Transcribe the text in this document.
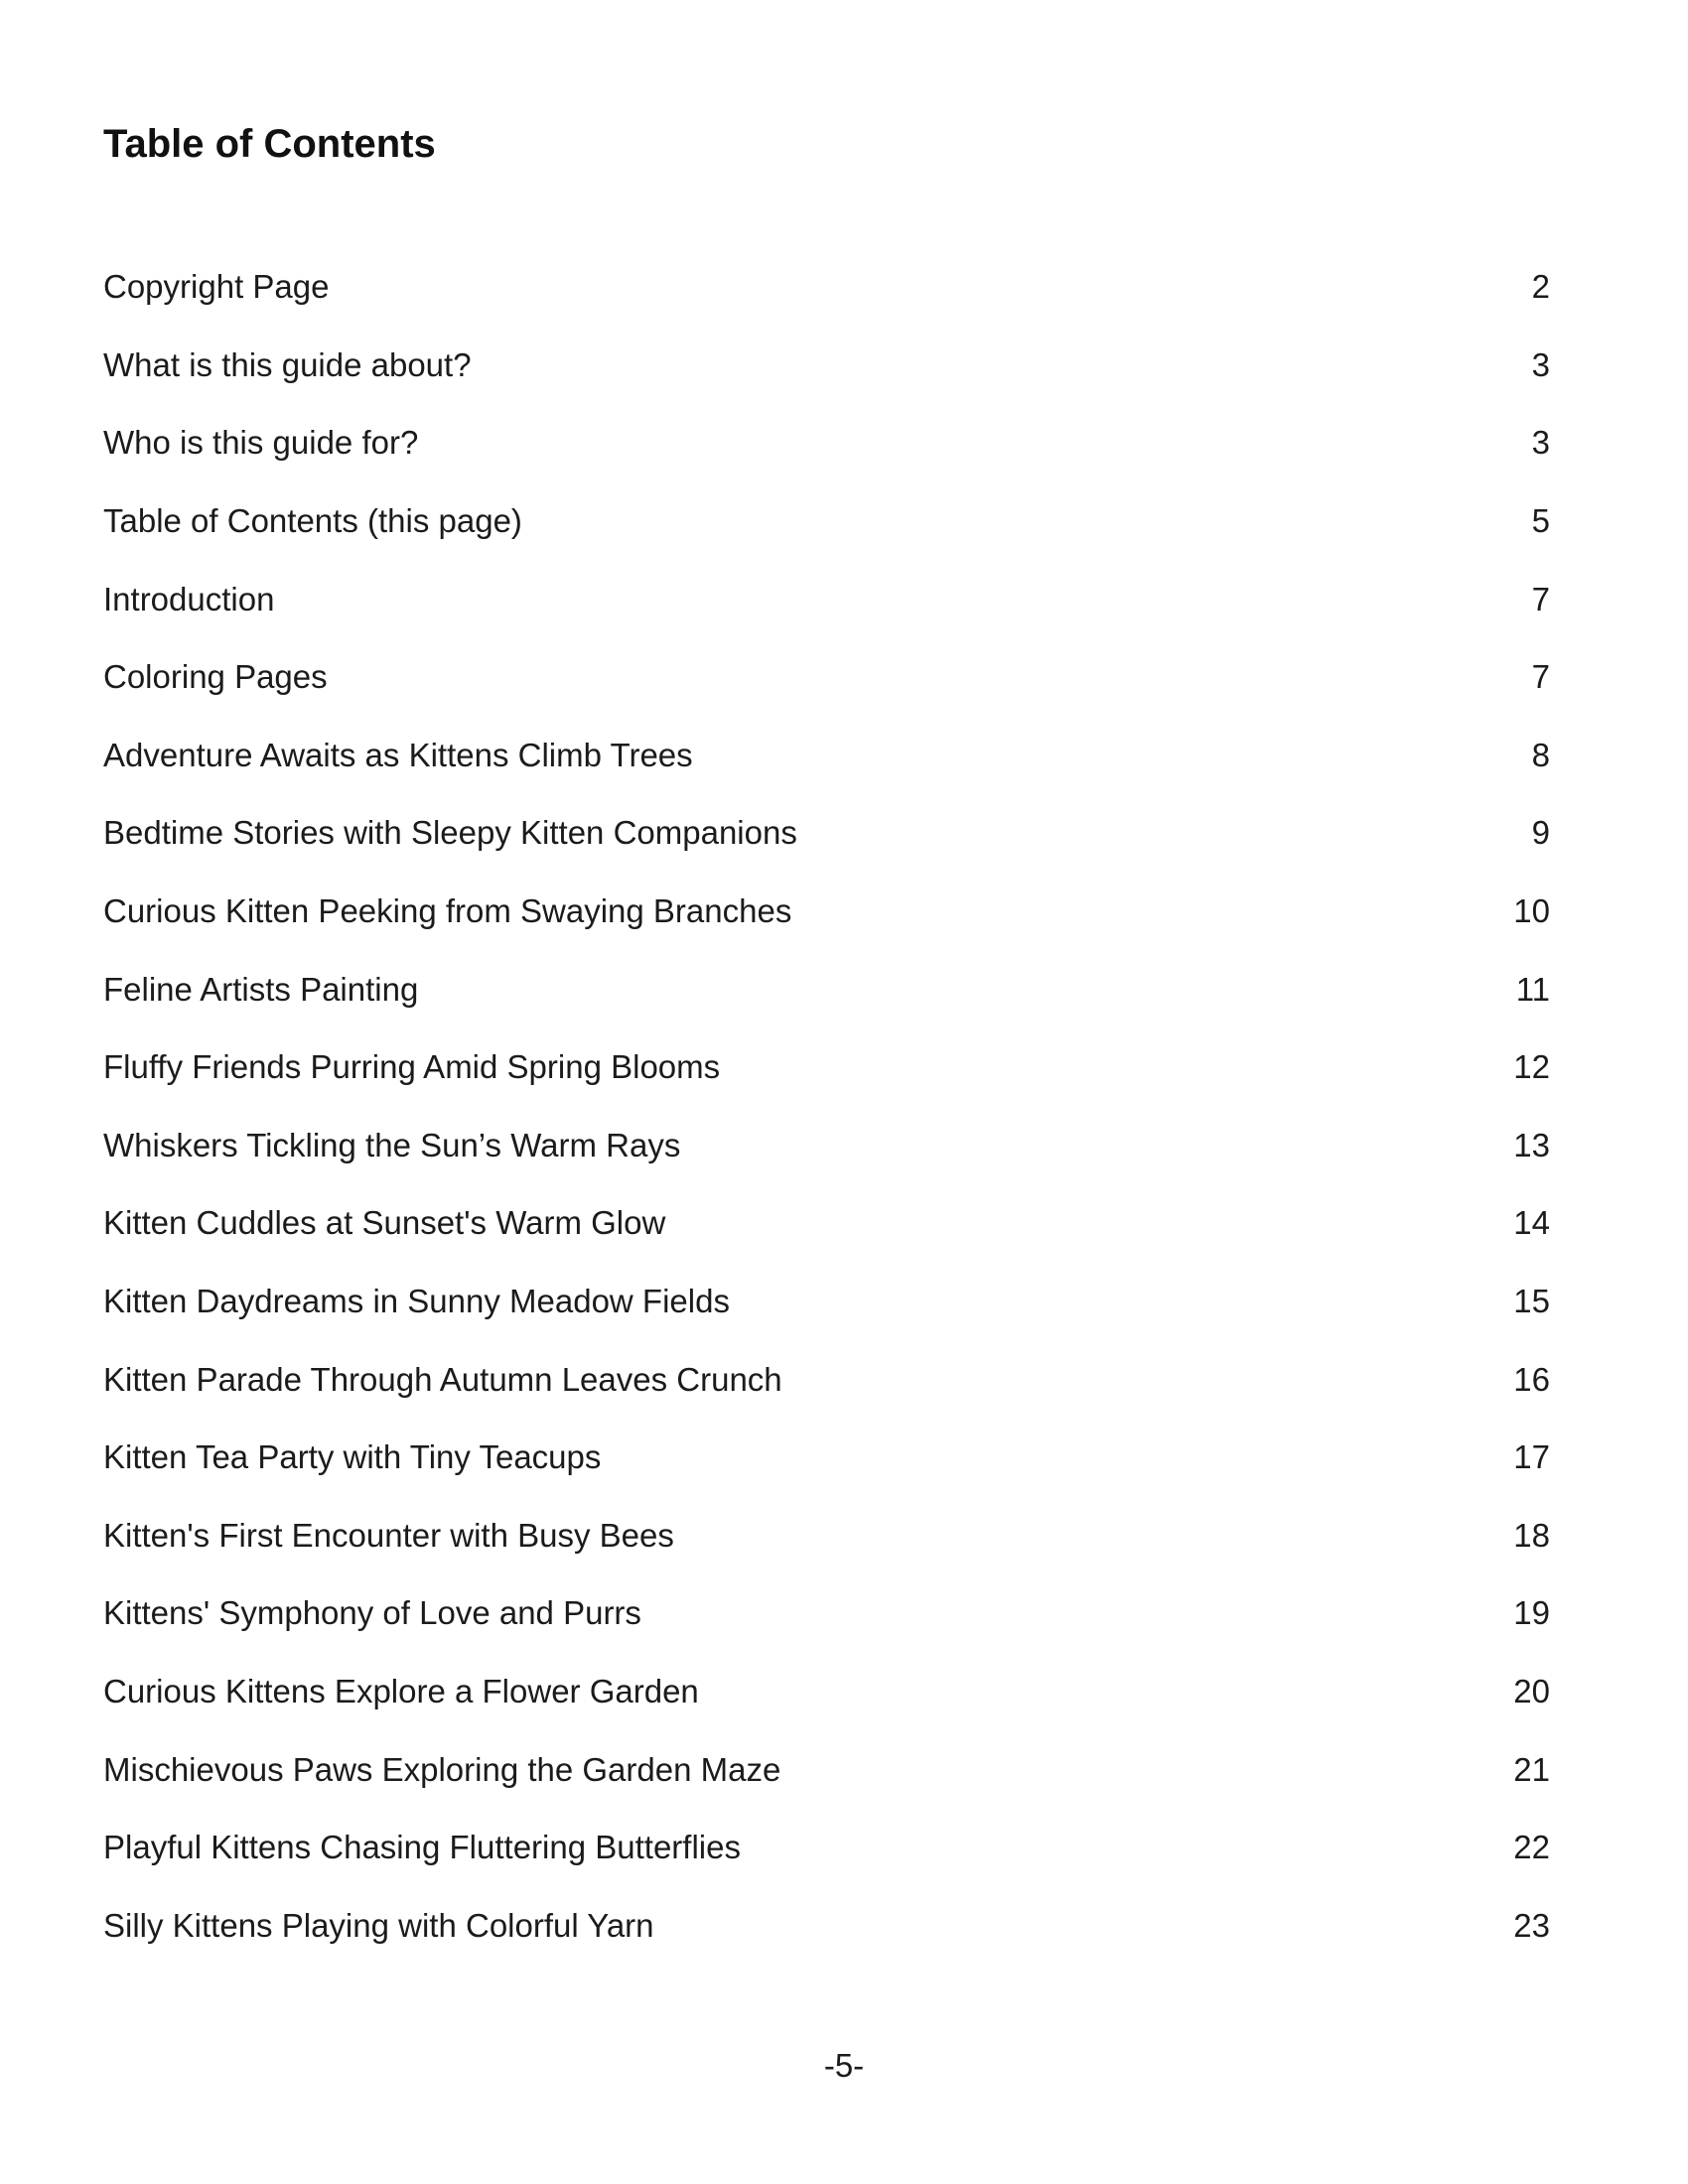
Table of Contents
Copyright Page	2
What is this guide about?	3
Who is this guide for?	3
Table of Contents (this page)	5
Introduction	7
Coloring Pages	7
Adventure Awaits as Kittens Climb Trees	8
Bedtime Stories with Sleepy Kitten Companions	9
Curious Kitten Peeking from Swaying Branches	10
Feline Artists Painting	11
Fluffy Friends Purring Amid Spring Blooms	12
Whiskers Tickling the Sun’s Warm Rays	13
Kitten Cuddles at Sunset's Warm Glow	14
Kitten Daydreams in Sunny Meadow Fields	15
Kitten Parade Through Autumn Leaves Crunch	16
Kitten Tea Party with Tiny Teacups	17
Kitten's First Encounter with Busy Bees	18
Kittens' Symphony of Love and Purrs	19
Curious Kittens Explore a Flower Garden	20
Mischievous Paws Exploring the Garden Maze	21
Playful Kittens Chasing Fluttering Butterflies	22
Silly Kittens Playing with Colorful Yarn	23
-5-
